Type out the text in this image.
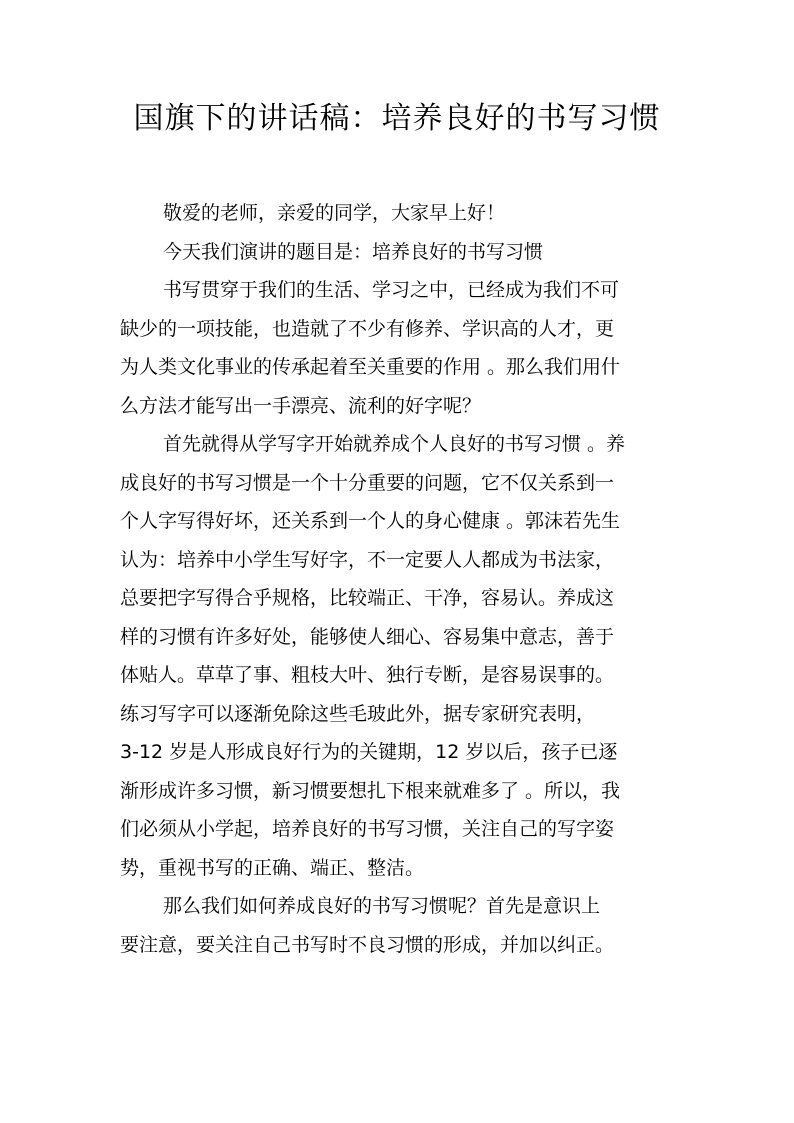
国旗下的讲话稿：培养良好的书写习惯

敬爱的老师，亲爱的同学，大家早上好！

今天我们演讲的题目是：培养良好的书写习惯

书写贯穿于我们的生活、学习之中，已经成为我们不可
缺少的一项技能，也造就了不少有修养、学识高的人才，更
为人类文化事业的传承起着至关重要的作用 。那么我们用什
么方法才能写出一手漂亮、流利的好字呢？

首先就得从学写字开始就养成个人良好的书写习惯 。养
成良好的书写习惯是一个十分重要的问题，它不仅关系到一
个人字写得好坏，还关系到一个人的身心健康 。郭沫若先生
认为：培养中小学生写好字，不一定要人人都成为书法家，
总要把字写得合乎规格，比较端正、干净，容易认。养成这
样的习惯有许多好处，能够使人细心、容易集中意志，善于
体贴人。草草了事、粗枝大叶、独行专断，是容易误事的。
练习写字可以逐渐免除这些毛玻此外，据专家研究表明，
3-12 岁是人形成良好行为的关键期，12 岁以后，孩子已逐
渐形成许多习惯，新习惯要想扎下根来就难多了 。所以，我
们必须从小学起，培养良好的书写习惯，关注自己的写字姿
势，重视书写的正确、端正、整洁。

那么我们如何养成良好的书写习惯呢？首先是意识上
要注意，要关注自己书写时不良习惯的形成，并加以纠正。
